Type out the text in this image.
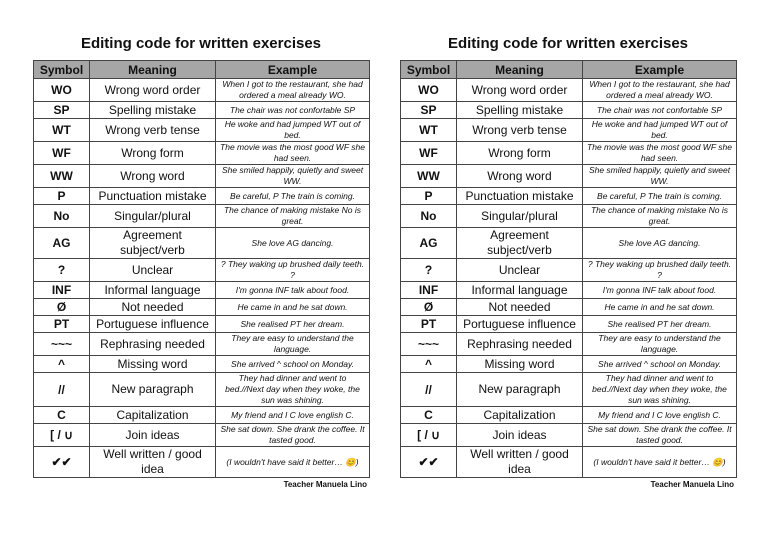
Editing code for written exercises
Symbol	Meaning	Example
WO	Wrong word order	When I got to the restaurant, she had ordered a meal already WO.
SP	Spelling mistake	The chair was not confortable SP
WT	Wrong verb tense	He woke and had jumped WT out of bed.
WF	Wrong form	The movie was the most good WF she had seen.
WW	Wrong word	She smiled happily, quietly and sweet WW.
P	Punctuation mistake	Be careful, P The train is coming.
No	Singular/plural	The chance of making mistake No is great.
AG	Agreement subject/verb	She love AG dancing.
?	Unclear	? They waking up brushed daily teeth. ?
INF	Informal language	I'm gonna INF talk about food.
Ø	Not needed	He came in and he sat down.
PT	Portuguese influence	She realised PT her dream.
~~~	Rephrasing needed	They are easy to understand the language.
^	Missing word	She arrived ^ school on Monday.
//	New paragraph	They had dinner and went to bed.//Next day when they woke, the sun was shining.
C	Capitalization	My friend and I C love english C.
[ / ∪	Join ideas	She sat down. She drank the coffee. It tasted good.
✔✔	Well written / good idea	(I wouldn't have said it better… 😊)
Teacher Manuela Lino
Editing code for written exercises
Symbol	Meaning	Example
WO	Wrong word order	When I got to the restaurant, she had ordered a meal already WO.
SP	Spelling mistake	The chair was not confortable SP
WT	Wrong verb tense	He woke and had jumped WT out of bed.
WF	Wrong form	The movie was the most good WF she had seen.
WW	Wrong word	She smiled happily, quietly and sweet WW.
P	Punctuation mistake	Be careful, P The train is coming.
No	Singular/plural	The chance of making mistake No is great.
AG	Agreement subject/verb	She love AG dancing.
?	Unclear	? They waking up brushed daily teeth. ?
INF	Informal language	I'm gonna INF talk about food.
Ø	Not needed	He came in and he sat down.
PT	Portuguese influence	She realised PT her dream.
~~~	Rephrasing needed	They are easy to understand the language.
^	Missing word	She arrived ^ school on Monday.
//	New paragraph	They had dinner and went to bed.//Next day when they woke, the sun was shining.
C	Capitalization	My friend and I C love english C.
[ / ∪	Join ideas	She sat down. She drank the coffee. It tasted good.
✔✔	Well written / good idea	(I wouldn't have said it better… 😊)
Teacher Manuela Lino
